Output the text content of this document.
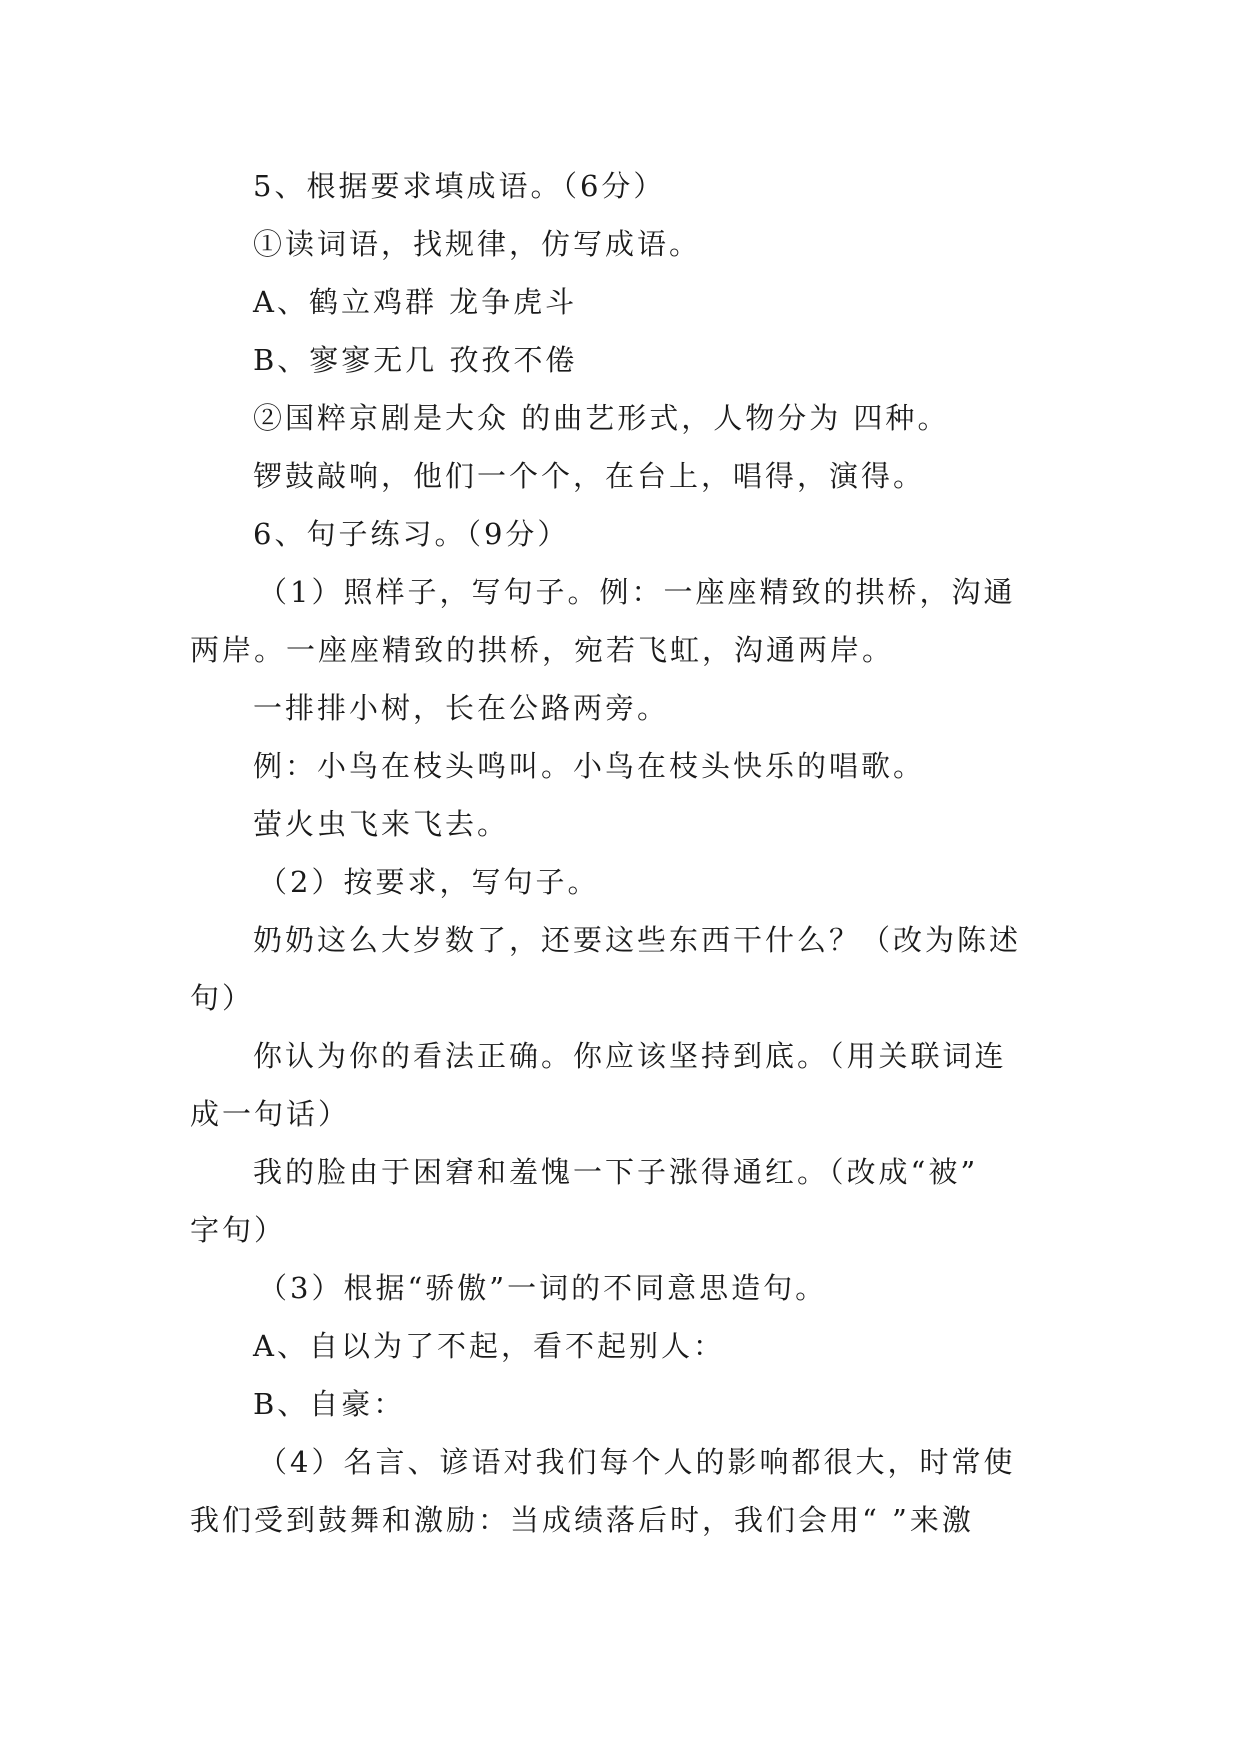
5、根据要求填成语。（6分）
①读词语，找规律，仿写成语。
A、鹤立鸡群 龙争虎斗
B、寥寥无几 孜孜不倦
②国粹京剧是大众 的曲艺形式，人物分为 四种。
锣鼓敲响，他们一个个，在台上，唱得，演得。
6、句子练习。（9分）
（1）照样子，写句子。例：一座座精致的拱桥，沟通
两岸。一座座精致的拱桥，宛若飞虹，沟通两岸。
一排排小树，长在公路两旁。
例：小鸟在枝头鸣叫。小鸟在枝头快乐的唱歌。
萤火虫飞来飞去。
（2）按要求，写句子。
奶奶这么大岁数了，还要这些东西干什么？（改为陈述
句）
你认为你的看法正确。你应该坚持到底。（用关联词连
成一句话）
我的脸由于困窘和羞愧一下子涨得通红。（改成“被”
字句）
（3）根据“骄傲”一词的不同意思造句。
A、自以为了不起，看不起别人：
B、自豪：
（4）名言、谚语对我们每个人的影响都很大，时常使
我们受到鼓舞和激励：当成绩落后时，我们会用“ ”来激
